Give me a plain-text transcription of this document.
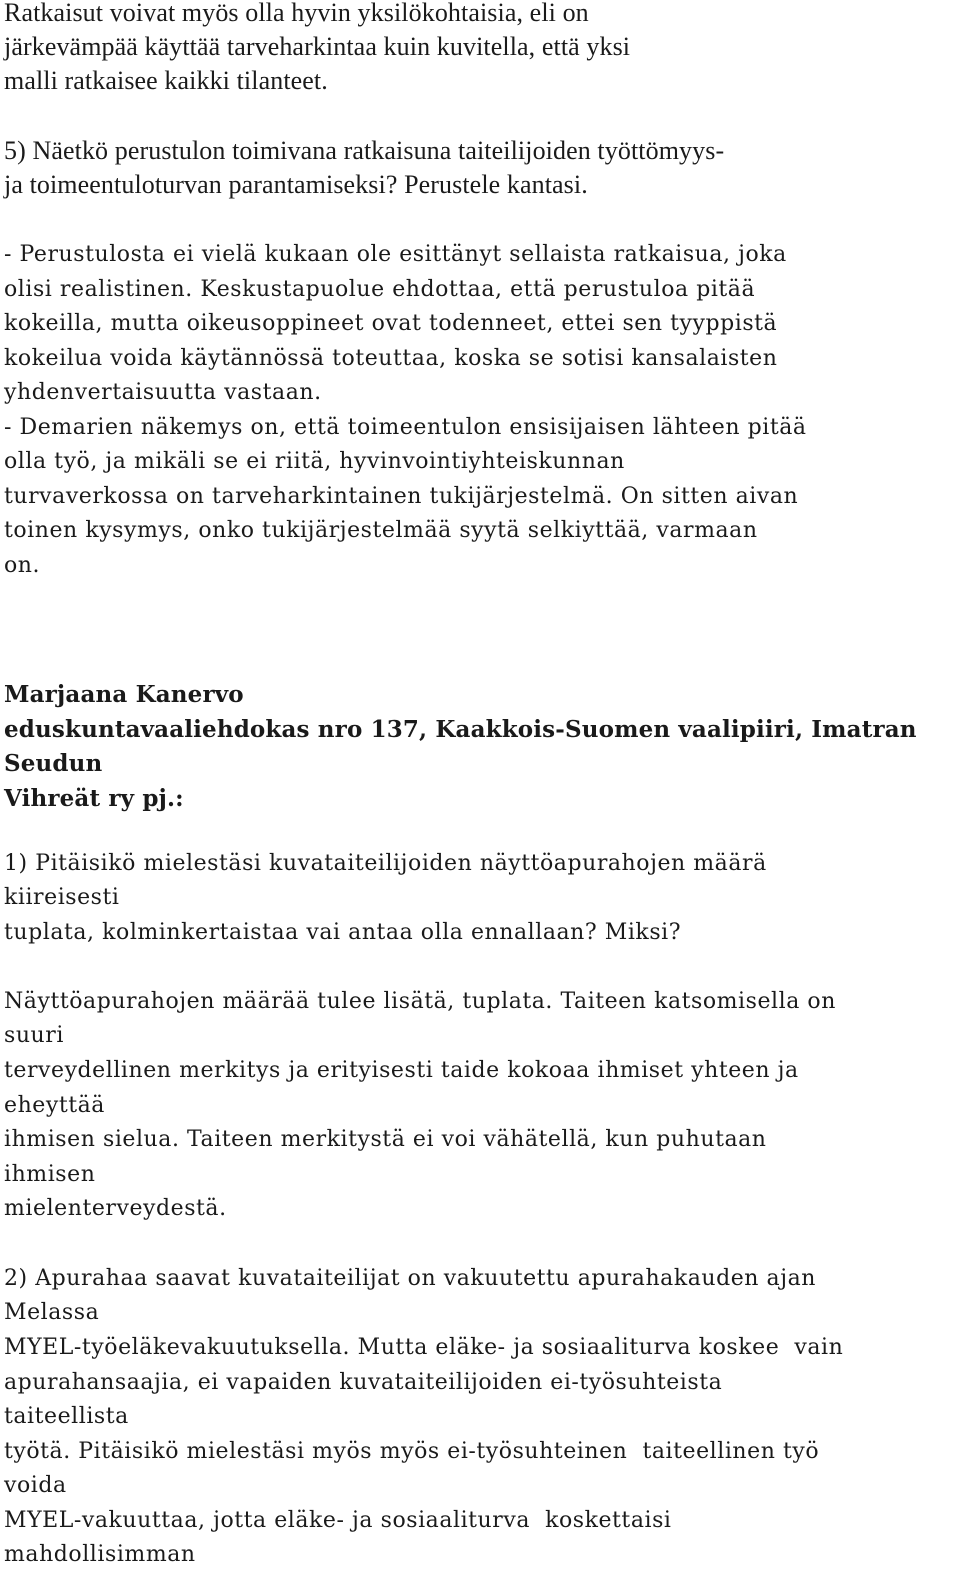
Ratkaisut voivat myös olla hyvin yksilökohtaisia, eli on
järkevämpää käyttää tarveharkintaa kuin kuvitella, että yksi
malli ratkaisee kaikki tilanteet.
5) Näetkö perustulon toimivana ratkaisuna taiteilijoiden työttömyys-
ja toimeentuloturvan parantamiseksi? Perustele kantasi.
- Perustulosta ei vielä kukaan ole esittänyt sellaista ratkaisua, joka
olisi realistinen. Keskustapuolue ehdottaa, että perustuloa pitää
kokeilla, mutta oikeusoppineet ovat todenneet, ettei sen tyyppistä
kokeilua voida käytännössä toteuttaa, koska se sotisi kansalaisten
yhdenvertaisuutta vastaan.
- Demarien näkemys on, että toimeentulon ensisijaisen lähteen pitää
olla työ, ja mikäli se ei riitä, hyvinvointiyhteiskunnan
turvaverkossa on tarveharkintainen tukijärjestelmä. On sitten aivan
toinen kysymys, onko tukijärjestelmää syytä selkiyttää, varmaan
on.
Marjaana Kanervo
eduskuntavaaliehdokas nro 137, Kaakkois-Suomen vaalipiiri, Imatran
Seudun
Vihreät ry pj.:
1) Pitäisikö mielestäsi kuvataiteilijoiden näyttöapurahojen määrä
kiireisesti
tuplata, kolminkertaistaa vai antaa olla ennallaan? Miksi?
Näyttöapurahojen määrää tulee lisätä, tuplata. Taiteen katsomisella on
suuri
terveydellinen merkitys ja erityisesti taide kokoaa ihmiset yhteen ja
eheyttää
ihmisen sielua. Taiteen merkitystä ei voi vähätellä, kun puhutaan
ihmisen
mielenterveydestä.
2) Apurahaa saavat kuvataiteilijat on vakuutettu apurahakauden ajan
Melassa
MYEL-työeläkevakuutuksella. Mutta eläke- ja sosiaaliturva koskee  vain
apurahansaajia, ei vapaiden kuvataiteilijoiden ei-työsuhteista
taiteellista
työtä. Pitäisikö mielestäsi myös myös ei-työsuhteinen  taiteellinen työ
voida
MYEL-vakuuttaa, jotta eläke- ja sosiaaliturva  koskettaisi
mahdollisimman
